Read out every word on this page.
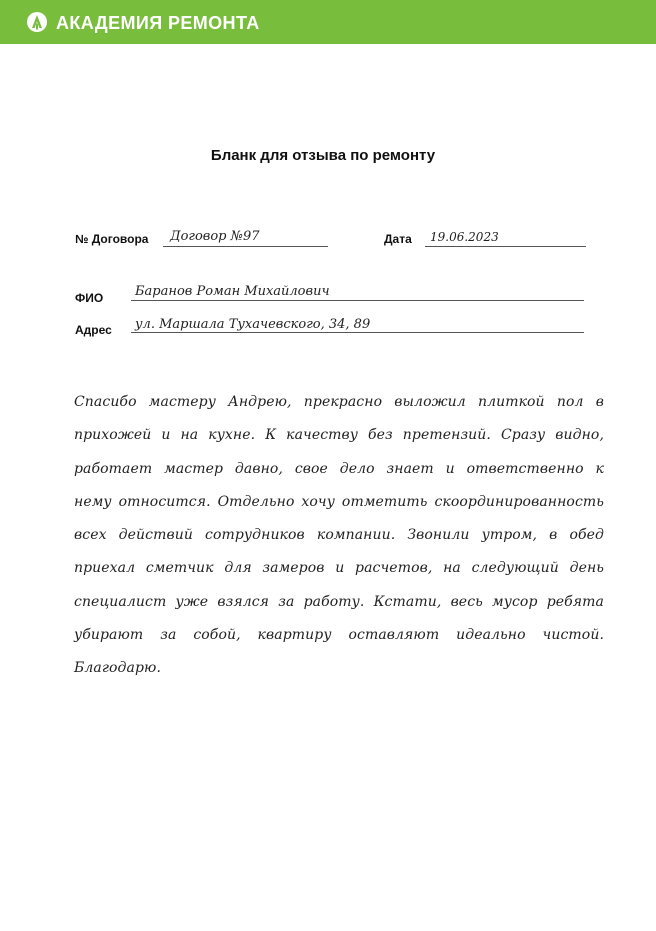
АКАДЕМИЯ РЕМОНТА
Бланк для отзыва по ремонту
№ Договора Договор №97	Дата 19.06.2023
ФИО Баранов Роман Михайлович
Адрес ул. Маршала Тухачевского, 34, 89
Спасибо мастеру Андрею, прекрасно выложил плиткой пол в прихожей и на кухне. К качеству без претензий. Сразу видно, работает мастер давно, свое дело знает и ответственно к нему относится. Отдельно хочу отметить скоординированность всех действий сотрудников компании. Звонили утром, в обед приехал сметчик для замеров и расчетов, на следующий день специалист уже взялся за работу. Кстати, весь мусор ребята убирают за собой, квартиру оставляют идеально чистой. Благодарю.
